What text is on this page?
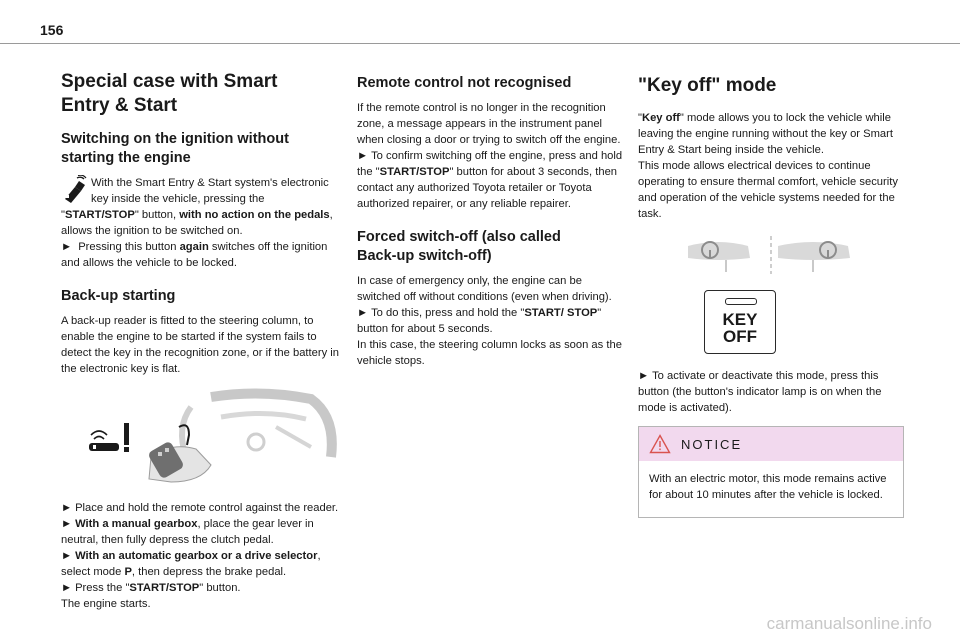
156
Special case with Smart
Entry & Start
Switching on the ignition without
starting the engine

With the Smart Entry & Start system's electronic key inside the vehicle, pressing the "START/STOP" button, with no action on the pedals, allows the ignition to be switched on.
► Pressing this button again switches off the ignition and allows the vehicle to be locked.

Back-up starting

A back-up reader is fitted to the steering column, to enable the engine to be started if the system fails to detect the key in the recognition zone, or if the battery in the electronic key is flat.

► Place and hold the remote control against the reader.
► With a manual gearbox, place the gear lever in neutral, then fully depress the clutch pedal.
► With an automatic gearbox or a drive selector, select mode P, then depress the brake pedal.
► Press the "START/STOP" button.
The engine starts.

Remote control not recognised

If the remote control is no longer in the recognition zone, a message appears in the instrument panel when closing a door or trying to switch off the engine.
► To confirm switching off the engine, press and hold the "START/STOP" button for about 3 seconds, then contact any authorized Toyota retailer or Toyota authorized repairer, or any reliable repairer.

Forced switch-off (also called
Back-up switch-off)

In case of emergency only, the engine can be switched off without conditions (even when driving).
► To do this, press and hold the "START/ STOP" button for about 5 seconds.
In this case, the steering column locks as soon as the vehicle stops.

"Key off" mode

"Key off" mode allows you to lock the vehicle while leaving the engine running without the key or Smart Entry & Start being inside the vehicle.
This mode allows electrical devices to continue operating to ensure thermal comfort, vehicle security and operation of the vehicle systems needed for the task.

KEY
OFF

► To activate or deactivate this mode, press this button (the button's indicator lamp is on when the mode is activated).

NOTICE

With an electric motor, this mode remains active for about 10 minutes after the vehicle is locked.

carmanualsonline.info
